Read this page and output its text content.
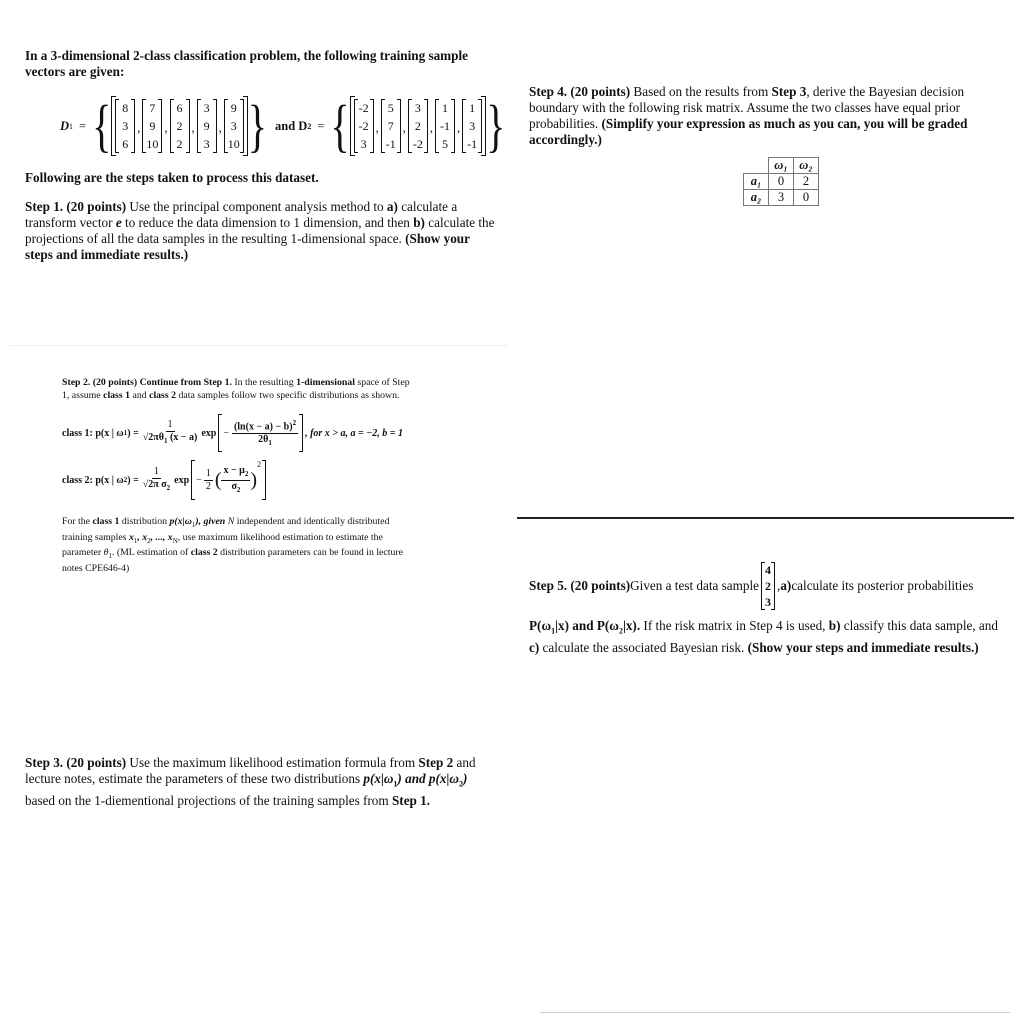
In a 3-dimensional 2-class classification problem, the following training sample
vectors are given:
D 1 = { 8
3
6
,
7
9
10
,
6
2
2
,
3
9
3
,
9
3
10 } and D 2 = { -2
-2
3
,
5
7
-1
,
3
2
-2
,
1
-1
5
,
1
3
-1 }
Following are the steps taken to process this dataset.
Step 1. (20 points) Use the principal component analysis method to a) calculate a
transform vector e to reduce the data dimension to 1 dimension, and then b) calculate the
projections of all the data samples in the resulting 1-dimensional space. (Show your
steps and immediate results.)
Step 2. (20 points) Continue from Step 1. In the resulting 1-dimensional space of Step
1, assume class 1 and class 2 data samples follow two specific distributions as shown.
class 1: p(x | ω 1 ) = $\frac{1}{√2\pi\theta_1 (x - a)}$ $\exp - \frac{(\ln(x - a) - b)^2}{2\theta_1}$ , for x > a, a = −2, b = 1
class 2: p(x | ω 2 ) = $\frac{1}{√2\pi \sigma_2}$ $\exp - \frac{1}{2}$ ( $\frac{x - \mu_2}{\sigma_2}$ )
$^2$
For the class 1 distribution $p(x|\omega_1)$, given N independent and identically distributed
training samples $x_1$, $x_2$, ..., $x_N$, use maximum likelihood estimation to estimate the
parameter $\theta_1$. (ML estimation of class 2 distribution parameters can be found in lecture
notes CPE646-4)
Step 3. (20 points) Use the maximum likelihood estimation formula from Step 2 and
lecture notes, estimate the parameters of these two distributions $p(x|\omega_1)$ and $p(x|\omega_2)$
based on the 1-diementional projections of the training samples from Step 1.
Step 4. (20 points) Based on the results from Step 3, derive the Bayesian decision
boundary with the following risk matrix. Assume the two classes have equal prior
probabilities. (Simplify your expression as much as you can, you will be graded
accordingly.)
	ω₁	ω₂
a₁	0	2
a₂	3	0
Step 5. (20 points) Given a test data sample
4
2
3
, a) calculate its posterior probabilities
$P(\omega_1|x)$ and $P(\omega_2|x)$. If the risk matrix in Step 4 is used, b) classify this data sample, and
c) calculate the associated Bayesian risk. (Show your steps and immediate results.)
